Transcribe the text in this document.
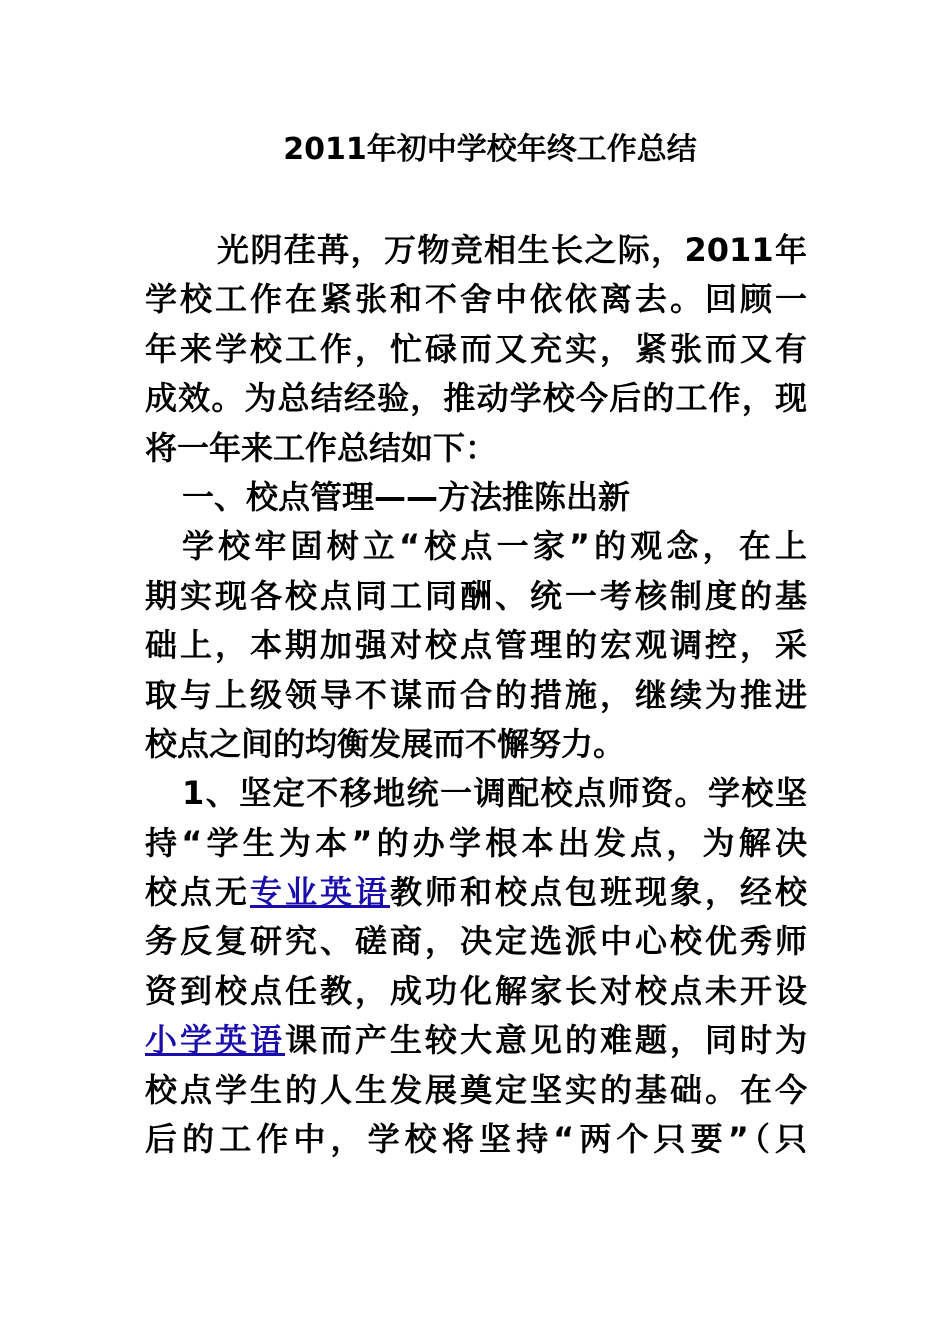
2011年初中学校年终工作总结
光阴荏苒，万物竞相生长之际，2011年
学校工作在紧张和不舍中依依离去。回顾一
年来学校工作，忙碌而又充实，紧张而又有
成效。为总结经验，推动学校今后的工作，现
将一年来工作总结如下：
一、校点管理——方法推陈出新
学校牢固树立“校点一家”的观念，在上
期实现各校点同工同酬、统一考核制度的基
础上，本期加强对校点管理的宏观调控，采
取与上级领导不谋而合的措施，继续为推进
校点之间的均衡发展而不懈努力。
1、坚定不移地统一调配校点师资。学校坚
持“学生为本”的办学根本出发点，为解决
校点无专业英语教师和校点包班现象，经校
务反复研究、磋商，决定选派中心校优秀师
资到校点任教，成功化解家长对校点未开设
小学英语课而产生较大意见的难题，同时为
校点学生的人生发展奠定坚实的基础。在今
后的工作中，学校将坚持“两个只要”（只
